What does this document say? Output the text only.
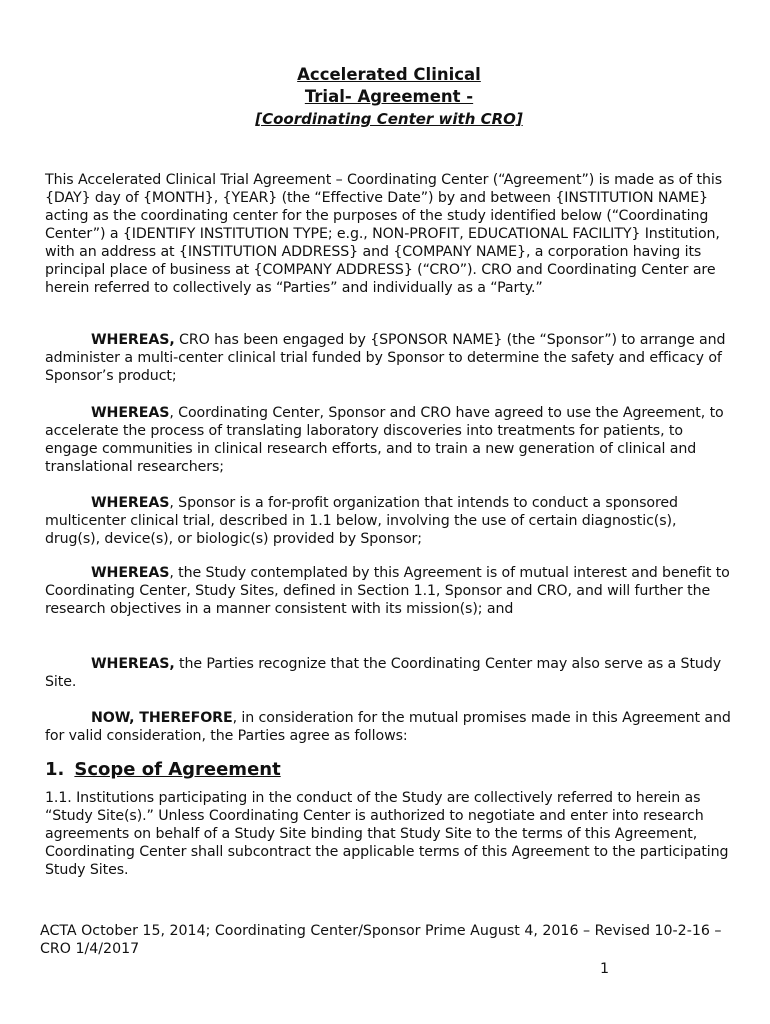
Accelerated Clinical
Trial- Agreement -
[Coordinating Center with CRO]

This Accelerated Clinical Trial Agreement – Coordinating Center (“Agreement”) is made as of this {DAY} day of {MONTH}, {YEAR} (the “Effective Date”) by and between {INSTITUTION NAME} acting as the coordinating center for the purposes of the study identified below (“Coordinating Center”) a {IDENTIFY INSTITUTION TYPE; e.g., NON-PROFIT, EDUCATIONAL FACILITY} Institution, with an address at {INSTITUTION ADDRESS} and {COMPANY NAME}, a corporation having its principal place of business at {COMPANY ADDRESS} (“CRO”). CRO and Coordinating Center are herein referred to collectively as “Parties” and individually as a “Party.”

WHEREAS, CRO has been engaged by {SPONSOR NAME} (the “Sponsor”) to arrange and administer a multi-center clinical trial funded by Sponsor to determine the safety and efficacy of Sponsor’s product;

WHEREAS, Coordinating Center, Sponsor and CRO have agreed to use the Agreement, to accelerate the process of translating laboratory discoveries into treatments for patients, to engage communities in clinical research efforts, and to train a new generation of clinical and translational researchers;

WHEREAS, Sponsor is a for-profit organization that intends to conduct a sponsored multicenter clinical trial, described in 1.1 below, involving the use of certain diagnostic(s), drug(s), device(s), or biologic(s) provided by Sponsor;

WHEREAS, the Study contemplated by this Agreement is of mutual interest and benefit to Coordinating Center, Study Sites, defined in Section 1.1, Sponsor and CRO, and will further the research objectives in a manner consistent with its mission(s); and

WHEREAS, the Parties recognize that the Coordinating Center may also serve as a Study Site.

NOW, THEREFORE, in consideration for the mutual promises made in this Agreement and for valid consideration, the Parties agree as follows:

1. Scope of Agreement

1.1. Institutions participating in the conduct of the Study are collectively referred to herein as “Study Site(s).” Unless Coordinating Center is authorized to negotiate and enter into research agreements on behalf of a Study Site binding that Study Site to the terms of this Agreement, Coordinating Center shall subcontract the applicable terms of this Agreement to the participating Study Sites.

ACTA October 15, 2014; Coordinating Center/Sponsor Prime August 4, 2016 – Revised 10-2-16 – CRO 1/4/2017
1
